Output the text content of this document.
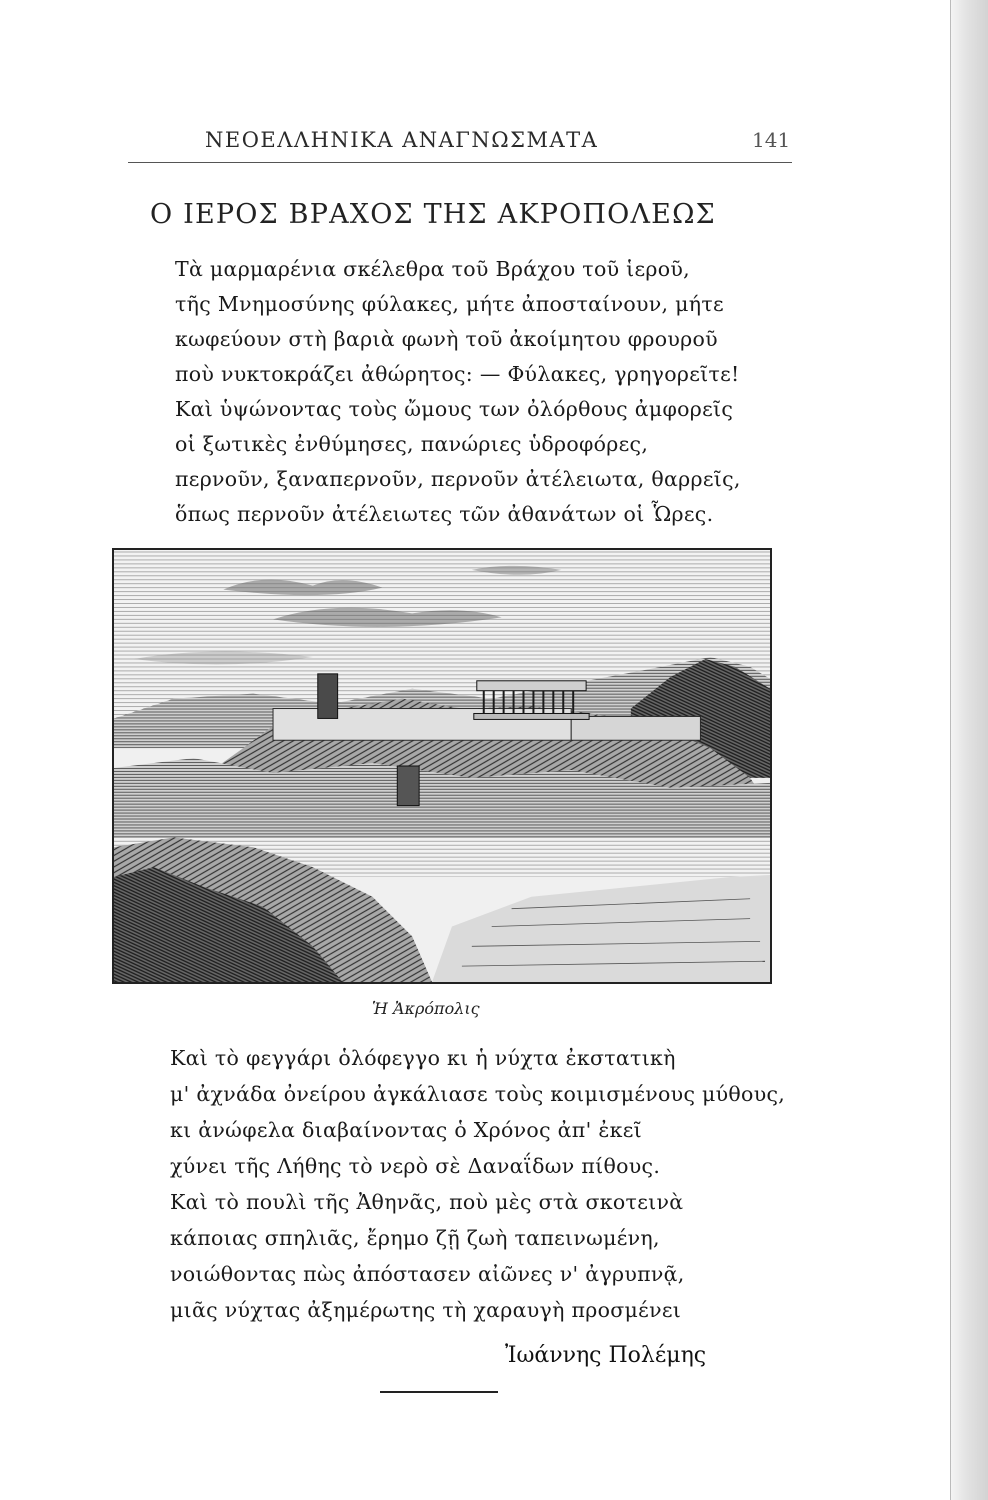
ΝΕΟΕΛΛΗΝΙΚΑ ΑΝΑΓΝΩΣΜΑΤΑ	141
Ο ΙΕΡΟΣ ΒΡΑΧΟΣ ΤΗΣ ΑΚΡΟΠΟΛΕΩΣ
Τὰ μαρμαρένια σκέλεθρα τοῦ Βράχου τοῦ ἱεροῦ,
τῆς Μνημοσύνης φύλακες, μήτε ἀποσταίνουν, μήτε
κωφεύουν στὴ βαριὰ φωνὴ τοῦ ἀκοίμητου φρουροῦ
ποὺ νυκτοκράζει ἀθώρητος: — Φύλακες, γρηγορεῖτε!
Καὶ ὑψώνοντας τοὺς ὤμους των ὀλόρθους ἀμφορεῖς
οἱ ξωτικὲς ἐνθύμησες, πανώριες ὑδροφόρες,
περνοῦν, ξαναπερνοῦν, περνοῦν ἀτέλειωτα, θαρρεῖς,
ὅπως περνοῦν ἀτέλειωτες τῶν ἀθανάτων οἱ Ὧρες.
Ἡ Ἀκρόπολις
Καὶ τὸ φεγγάρι ὁλόφεγγο κι ἡ νύχτα ἐκστατικὴ
μ' ἀχνάδα ὀνείρου ἀγκάλιασε τοὺς κοιμισμένους μύθους,
κι ἀνώφελα διαβαίνοντας ὁ Χρόνος ἀπ' ἐκεῖ
χύνει τῆς Λήθης τὸ νερὸ σὲ Δαναΐδων πίθους.
Καὶ τὸ πουλὶ τῆς Ἀθηνᾶς, ποὺ μὲς στὰ σκοτεινὰ
κάποιας σπηλιᾶς, ἔρημο ζῇ ζωὴ ταπεινωμένη,
νοιώθοντας πὼς ἀπόστασεν αἰῶνες ν' ἀγρυπνᾷ,
μιᾶς νύχτας ἀξημέρωτης τὴ χαραυγὴ προσμένει
Ἰωάννης Πολέμης
